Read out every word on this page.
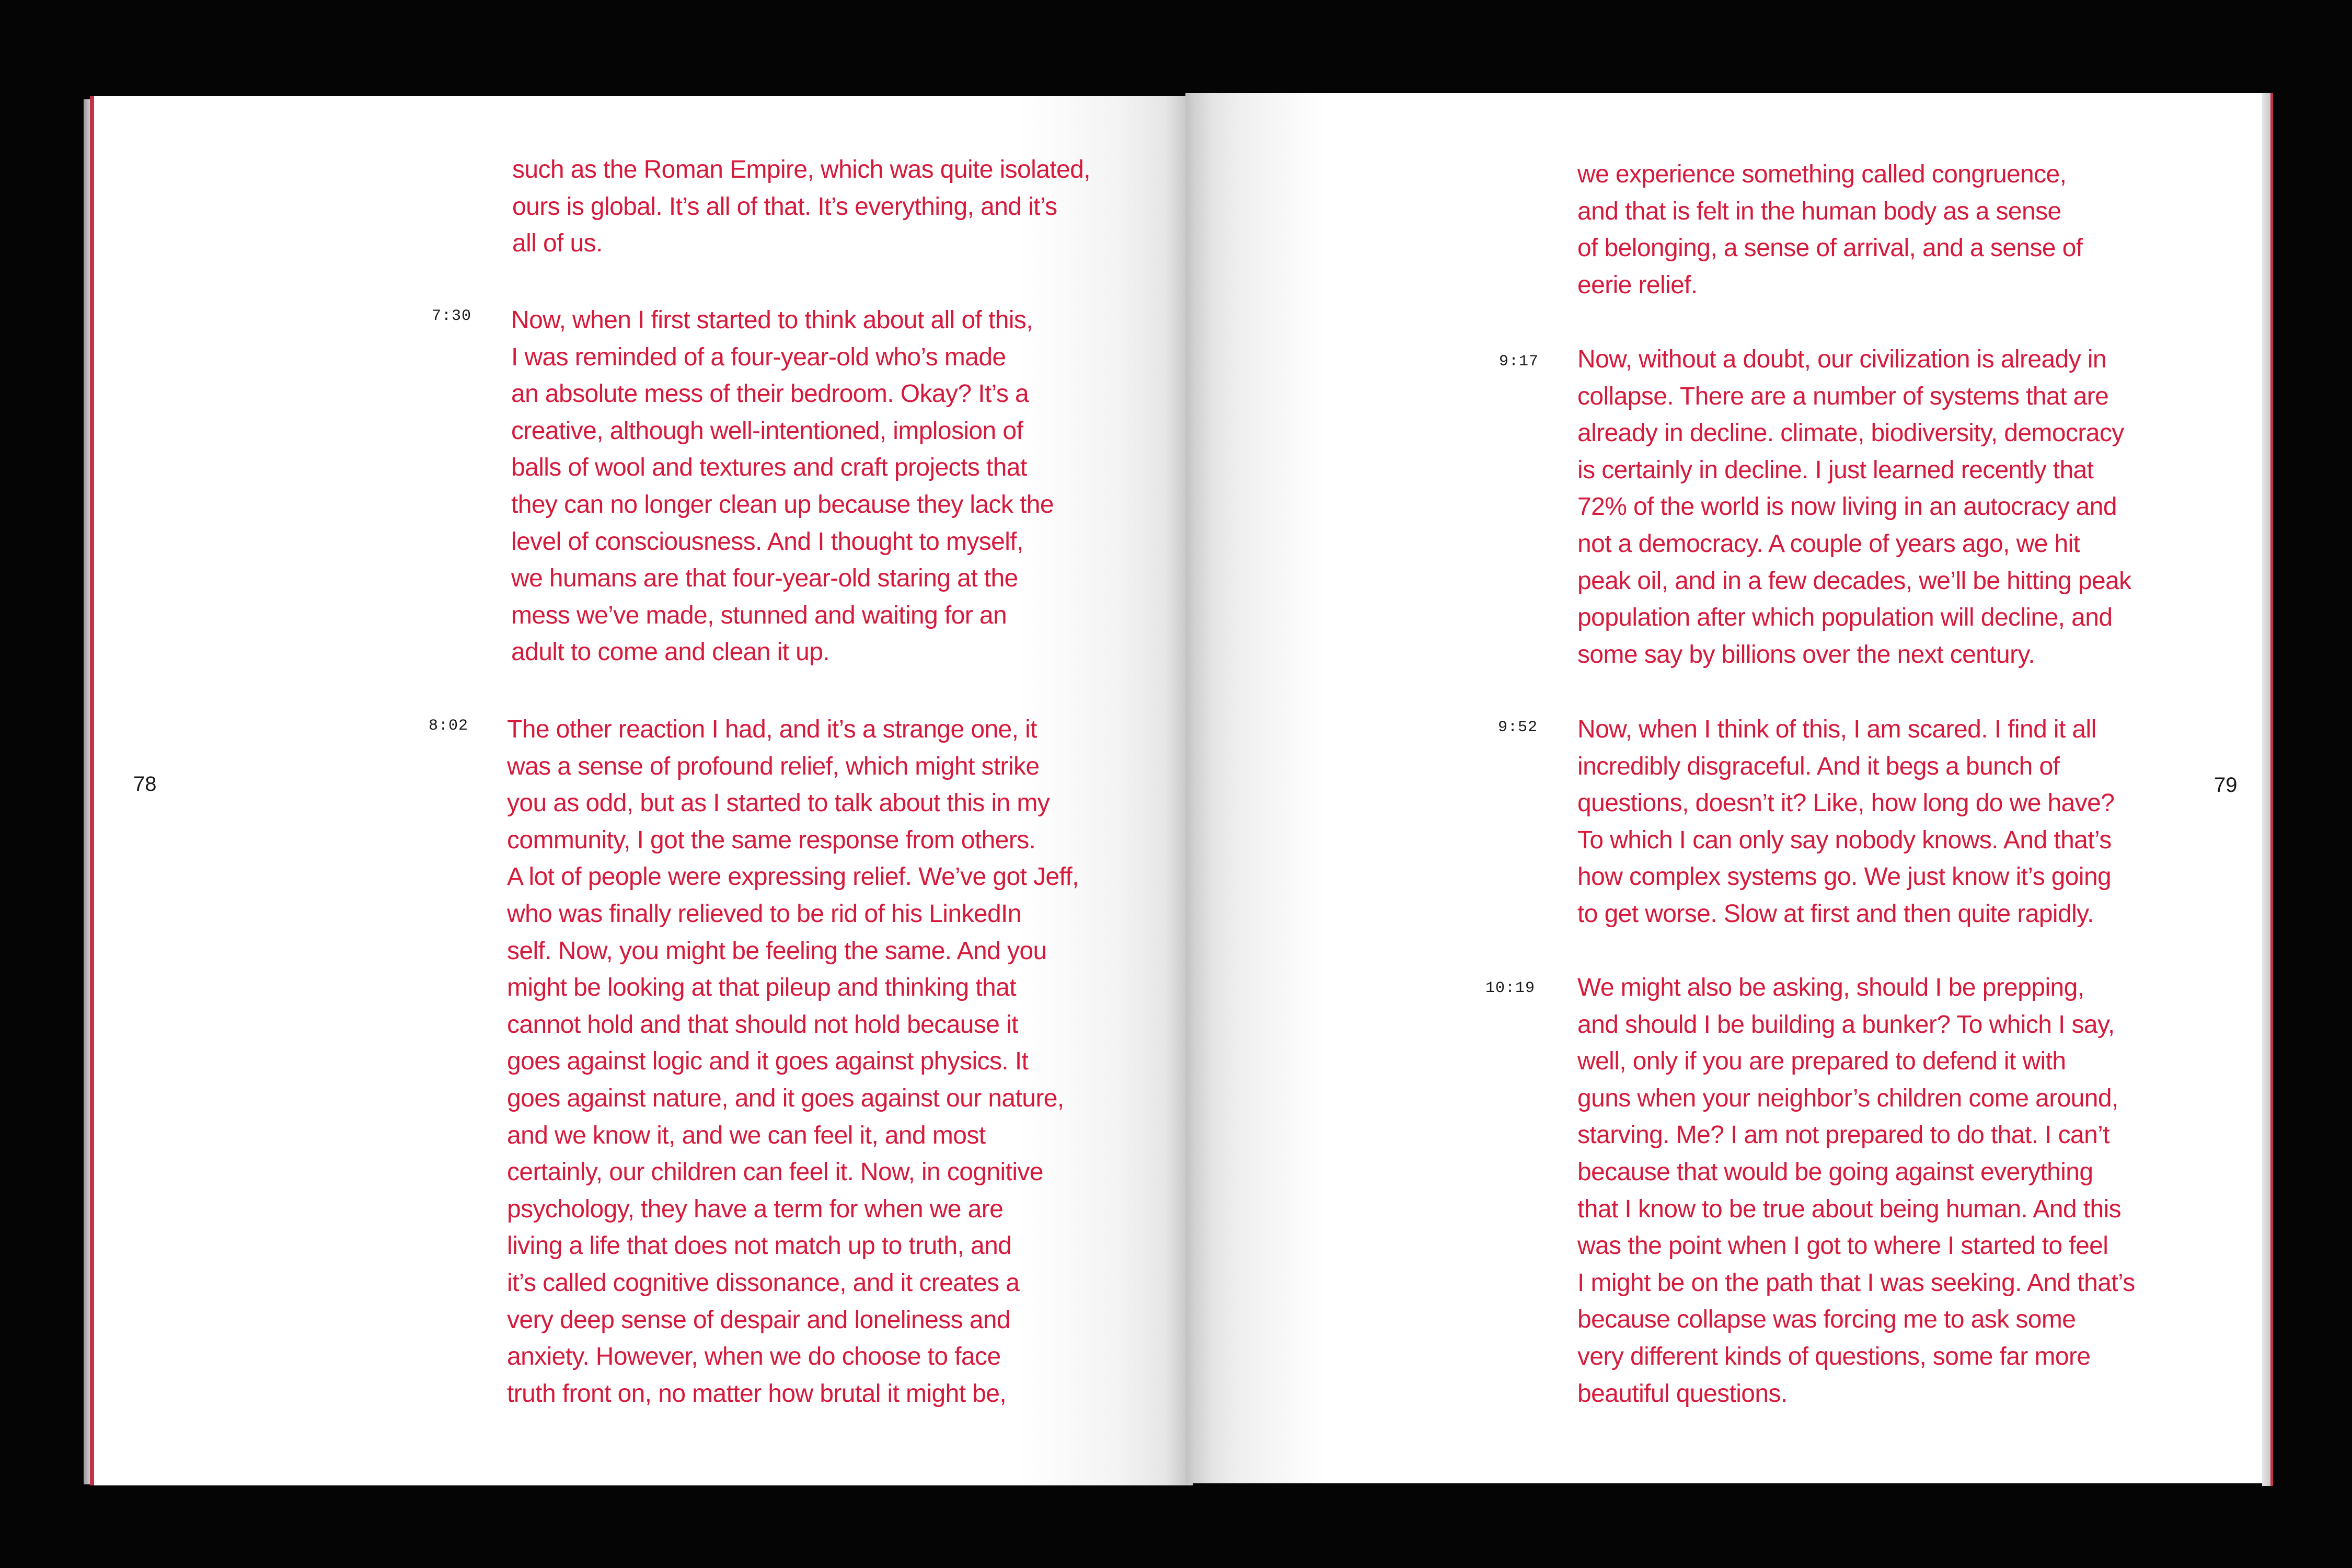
78
such as the Roman Empire, which was quite isolated,
ours is global. It’s all of that. It’s everything, and it’s
all of us.
7:30 Now, when I first started to think about all of this,
I was reminded of a four-year-old who’s made
an absolute mess of their bedroom. Okay? It’s a
creative, although well-intentioned, implosion of
balls of wool and textures and craft projects that
they can no longer clean up because they lack the
level of consciousness. And I thought to myself,
we humans are that four-year-old staring at the
mess we’ve made, stunned and waiting for an
adult to come and clean it up.
8:02 The other reaction I had, and it’s a strange one, it
was a sense of profound relief, which might strike
you as odd, but as I started to talk about this in my
community, I got the same response from others.
A lot of people were expressing relief. We’ve got Jeff,
who was finally relieved to be rid of his LinkedIn
self. Now, you might be feeling the same. And you
might be looking at that pileup and thinking that
cannot hold and that should not hold because it
goes against logic and it goes against physics. It
goes against nature, and it goes against our nature,
and we know it, and we can feel it, and most
certainly, our children can feel it. Now, in cognitive
psychology, they have a term for when we are
living a life that does not match up to truth, and
it’s called cognitive dissonance, and it creates a
very deep sense of despair and loneliness and
anxiety. However, when we do choose to face
truth front on, no matter how brutal it might be,
79
we experience something called congruence,
and that is felt in the human body as a sense
of belonging, a sense of arrival, and a sense of
eerie relief.
9:17 Now, without a doubt, our civilization is already in
collapse. There are a number of systems that are
already in decline. climate, biodiversity, democracy
is certainly in decline. I just learned recently that
72% of the world is now living in an autocracy and
not a democracy. A couple of years ago, we hit
peak oil, and in a few decades, we’ll be hitting peak
population after which population will decline, and
some say by billions over the next century.
9:52 Now, when I think of this, I am scared. I find it all
incredibly disgraceful. And it begs a bunch of
questions, doesn’t it? Like, how long do we have?
To which I can only say nobody knows. And that’s
how complex systems go. We just know it’s going
to get worse. Slow at first and then quite rapidly.
10:19 We might also be asking, should I be prepping,
and should I be building a bunker? To which I say,
well, only if you are prepared to defend it with
guns when your neighbor’s children come around,
starving. Me? I am not prepared to do that. I can’t
because that would be going against everything
that I know to be true about being human. And this
was the point when I got to where I started to feel
I might be on the path that I was seeking. And that’s
because collapse was forcing me to ask some
very different kinds of questions, some far more
beautiful questions.
